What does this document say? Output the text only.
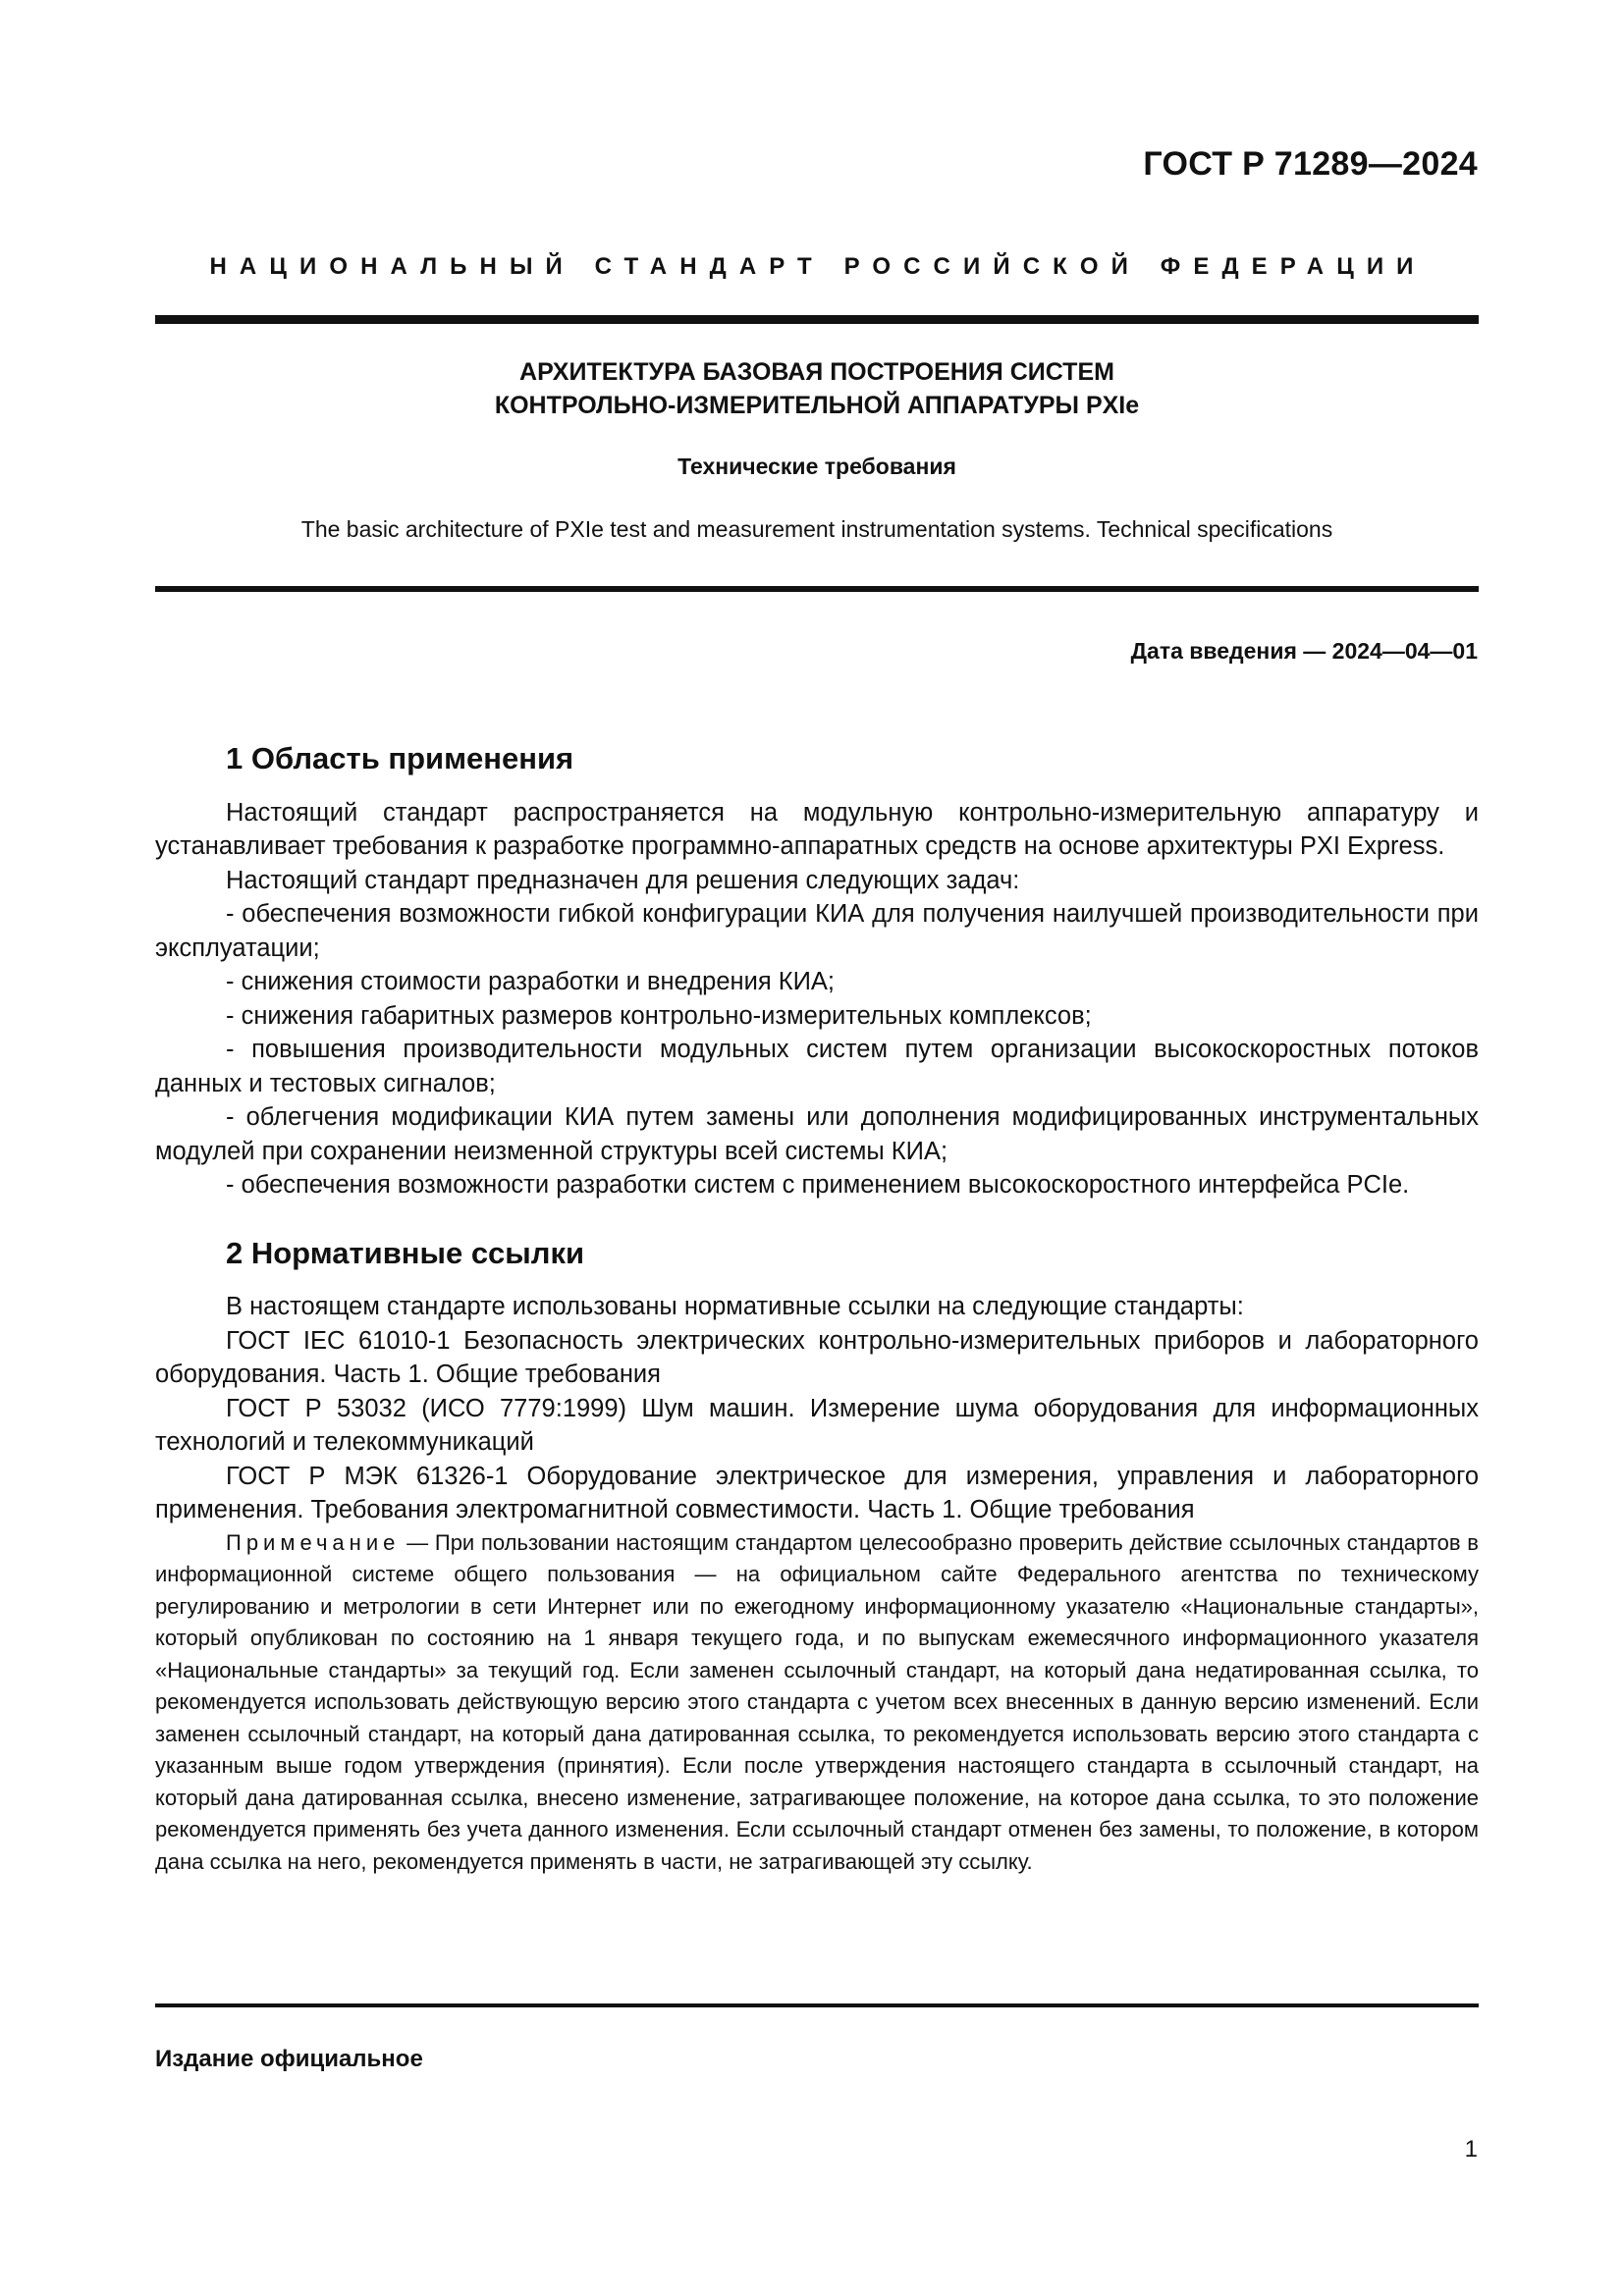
ГОСТ Р 71289—2024
НАЦИОНАЛЬНЫЙ СТАНДАРТ РОССИЙСКОЙ ФЕДЕРАЦИИ
АРХИТЕКТУРА БАЗОВАЯ ПОСТРОЕНИЯ СИСТЕМ
КОНТРОЛЬНО-ИЗМЕРИТЕЛЬНОЙ АППАРАТУРЫ PXIe
Технические требования
The basic architecture of PXIe test and measurement instrumentation systems. Technical specifications
Дата введения — 2024—04—01
1 Область применения

Настоящий стандарт распространяется на модульную контрольно-измерительную аппаратуру и устанавливает требования к разработке программно-аппаратных средств на основе архитектуры PXI Express.

Настоящий стандарт предназначен для решения следующих задач:

- обеспечения возможности гибкой конфигурации КИА для получения наилучшей производительности при эксплуатации;

- снижения стоимости разработки и внедрения КИА;

- снижения габаритных размеров контрольно-измерительных комплексов;

- повышения производительности модульных систем путем организации высокоскоростных потоков данных и тестовых сигналов;

- облегчения модификации КИА путем замены или дополнения модифицированных инструментальных модулей при сохранении неизменной структуры всей системы КИА;

- обеспечения возможности разработки систем с применением высокоскоростного интерфейса PCIe.

2 Нормативные ссылки

В настоящем стандарте использованы нормативные ссылки на следующие стандарты:

ГОСТ IEC 61010-1 Безопасность электрических контрольно-измерительных приборов и лабораторного оборудования. Часть 1. Общие требования

ГОСТ Р 53032 (ИСО 7779:1999) Шум машин. Измерение шума оборудования для информационных технологий и телекоммуникаций

ГОСТ Р МЭК 61326-1 Оборудование электрическое для измерения, управления и лабораторного применения. Требования электромагнитной совместимости. Часть 1. Общие требования

Примечание — При пользовании настоящим стандартом целесообразно проверить действие ссылочных стандартов в информационной системе общего пользования — на официальном сайте Федерального агентства по техническому регулированию и метрологии в сети Интернет или по ежегодному информационному указателю «Национальные стандарты», который опубликован по состоянию на 1 января текущего года, и по выпускам ежемесячного информационного указателя «Национальные стандарты» за текущий год. Если заменен ссылочный стандарт, на который дана недатированная ссылка, то рекомендуется использовать действующую версию этого стандарта с учетом всех внесенных в данную версию изменений. Если заменен ссылочный стандарт, на который дана датированная ссылка, то рекомендуется использовать версию этого стандарта с указанным выше годом утверждения (принятия). Если после утверждения настоящего стандарта в ссылочный стандарт, на который дана датированная ссылка, внесено изменение, затрагивающее положение, на которое дана ссылка, то это положение рекомендуется применять без учета данного изменения. Если ссылочный стандарт отменен без замены, то положение, в котором дана ссылка на него, рекомендуется применять в части, не затрагивающей эту ссылку.

Издание официальное
1
